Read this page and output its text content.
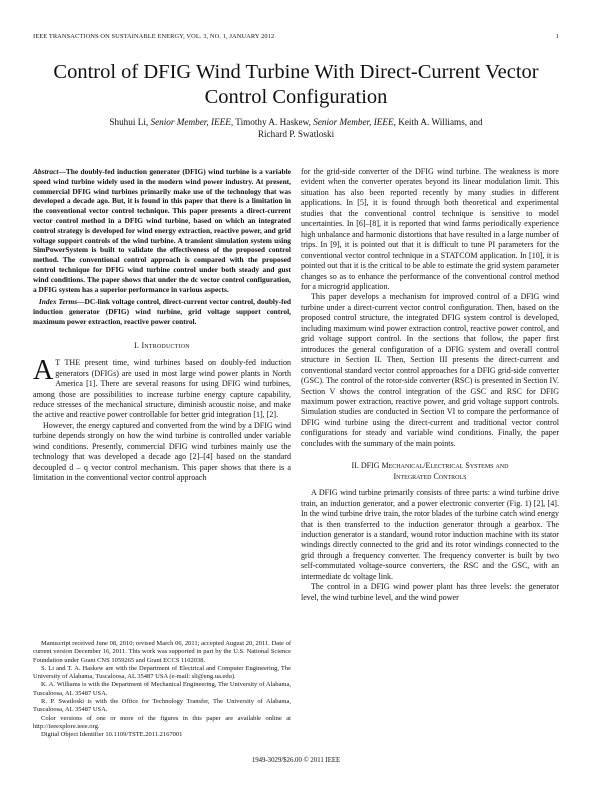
IEEE TRANSACTIONS ON SUSTAINABLE ENERGY, VOL. 3, NO. 1, JANUARY 2012	1
Control of DFIG Wind Turbine With Direct-Current Vector Control Configuration
Shuhui Li, Senior Member, IEEE, Timothy A. Haskew, Senior Member, IEEE, Keith A. Williams, and
Richard P. Swatloski
Abstract—The doubly-fed induction generator (DFIG) wind turbine is a variable speed wind turbine widely used in the modern wind power industry. At present, commercial DFIG wind turbines primarily make use of the technology that was developed a decade ago. But, it is found in this paper that there is a limitation in the conventional vector control technique. This paper presents a direct-current vector control method in a DFIG wind turbine, based on which an integrated control strategy is developed for wind energy extraction, reactive power, and grid voltage support controls of the wind turbine. A transient simulation system using SimPowerSystem is built to validate the effectiveness of the proposed control method. The conventional control approach is compared with the proposed control technique for DFIG wind turbine control under both steady and gust wind conditions. The paper shows that under the dc vector control configuration, a DFIG system has a superior performance in various aspects.
Index Terms—DC-link voltage control, direct-current vector control, doubly-fed induction generator (DFIG) wind turbine, grid voltage support control, maximum power extraction, reactive power control.
I. Introduction

A T THE present time, wind turbines based on doubly-fed induction generators (DFIGs) are used in most large wind power plants in North America [1]. There are several reasons for using DFIG wind turbines, among those are possibilities to increase turbine energy capture capability, reduce stresses of the mechanical structure, diminish acoustic noise, and make the active and reactive power controllable for better grid integration [1], [2].

However, the energy captured and converted from the wind by a DFIG wind turbine depends strongly on how the wind turbine is controlled under variable wind conditions. Presently, commercial DFIG wind turbines mainly use the technology that was developed a decade ago [2]–[4] based on the standard decoupled d – q vector control mechanism. This paper shows that there is a limitation in the conventional vector control approach

Manuscript received June 08, 2010; revised March 06, 2011; accepted August 20, 2011. Date of current version December 16, 2011. This work was supported in part by the U.S. National Science Foundation under Grant CNS 1059265 and Grant ECCS 1102038.

S. Li and T. A. Haskew are with the Department of Electrical and Computer Engineering, The University of Alabama, Tuscaloosa, AL 35487 USA (e-mail: sli@eng.ua.edu).

K. A. Williams is with the Department of Mechanical Engineering, The University of Alabama, Tuscaloosa, AL 35487 USA.

R. P. Swatloski is with the Office for Technology Transfer, The University of Alabama, Tuscaloosa, AL 35487 USA.

Color versions of one or more of the figures in this paper are available online at http://ieeexplore.ieee.org.

Digital Object Identifier 10.1109/TSTE.2011.2167001

for the grid-side converter of the DFIG wind turbine. The weakness is more evident when the converter operates beyond its linear modulation limit. This situation has also been reported recently by many studies in different applications. In [5], it is found through both theoretical and experimental studies that the conventional control technique is sensitive to model uncertainties. In [6]–[8], it is reported that wind farms periodically experience high unbalance and harmonic distortions that have resulted in a large number of trips. In [9], it is pointed out that it is difficult to tune PI parameters for the conventional vector control technique in a STATCOM application. In [10], it is pointed out that it is the critical to be able to estimate the grid system parameter changes so as to enhance the performance of the conventional control method for a microgrid application.

This paper develops a mechanism for improved control of a DFIG wind turbine under a direct-current vector control configuration. Then, based on the proposed control structure, the integrated DFIG system control is developed, including maximum wind power extraction control, reactive power control, and grid voltage support control. In the sections that follow, the paper first introduces the general configuration of a DFIG system and overall control structure in Section II. Then, Section III presents the direct-current and conventional standard vector control approaches for a DFIG grid-side converter (GSC). The control of the rotor-side converter (RSC) is presented in Section IV. Section V shows the control integration of the GSC and RSC for DFIG maximum power extraction, reactive power, and grid voltage support controls. Simulation studies are conducted in Section VI to compare the performance of DFIG wind turbine using the direct-current and traditional vector control configurations for steady and variable wind conditions. Finally, the paper concludes with the summary of the main points.

II. DFIG Mechanical/Electrical Systems and
Integrated Controls

A DFIG wind turbine primarily consists of three parts: a wind turbine drive train, an induction generator, and a power electronic converter (Fig. 1) [2], [4]. In the wind turbine drive train, the rotor blades of the turbine catch wind energy that is then transferred to the induction generator through a gearbox. The induction generator is a standard, wound rotor induction machine with its stator windings directly connected to the grid and its rotor windings connected to the grid through a frequency converter. The frequency converter is built by two self-commutated voltage-source converters, the RSC and the GSC, with an intermediate dc voltage link.

The control in a DFIG wind power plant has three levels: the generator level, the wind turbine level, and the wind power

1949-3029/$26.00 © 2011 IEEE
